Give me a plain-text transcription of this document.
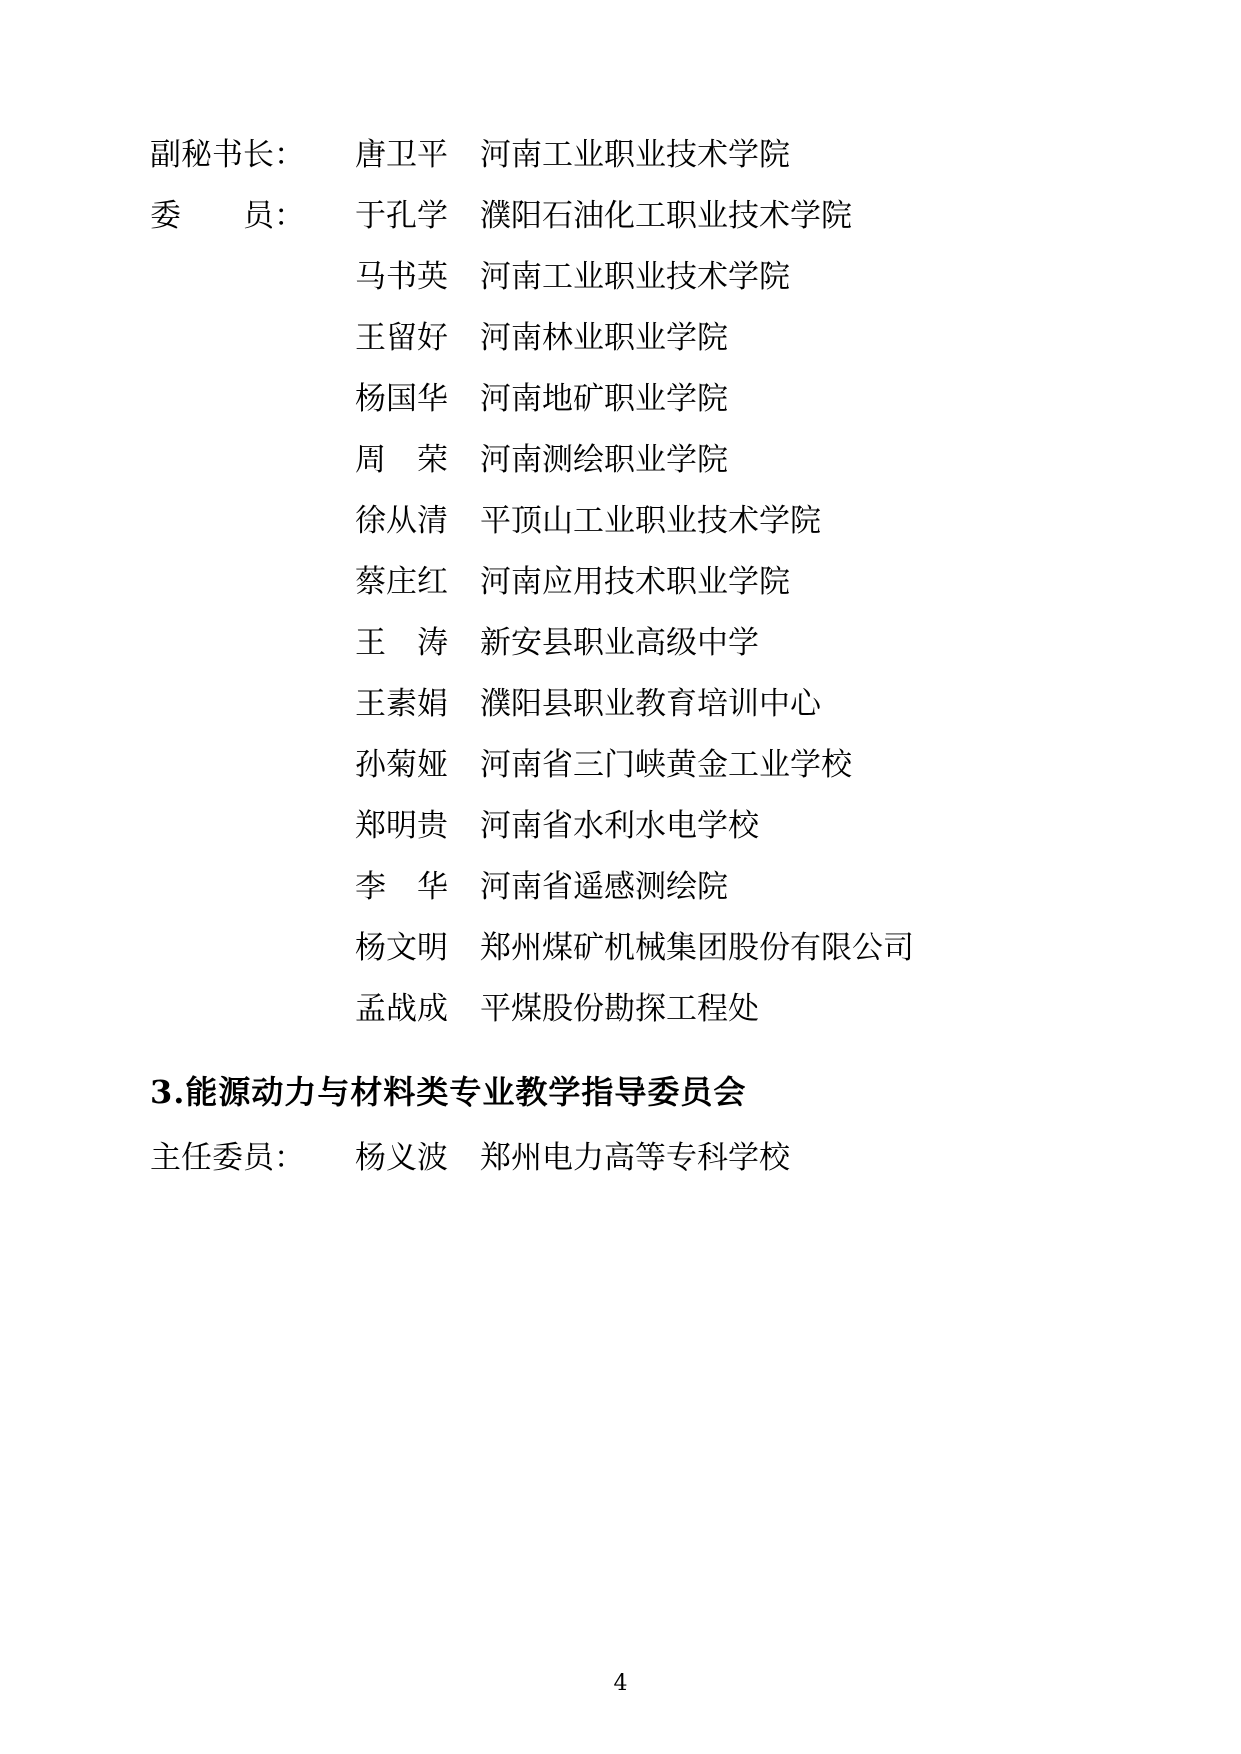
副秘书长：	唐卫平	河南工业职业技术学院
委　　员：	于孔学	濮阳石油化工职业技术学院
马书英	河南工业职业技术学院
王留好	河南林业职业学院
杨国华	河南地矿职业学院
周　荣	河南测绘职业学院
徐从清	平顶山工业职业技术学院
蔡庄红	河南应用技术职业学院
王　涛	新安县职业高级中学
王素娟	濮阳县职业教育培训中心
孙菊娅	河南省三门峡黄金工业学校
郑明贵	河南省水利水电学校
李　华	河南省遥感测绘院
杨文明	郑州煤矿机械集团股份有限公司
孟战成	平煤股份勘探工程处
3.能源动力与材料类专业教学指导委员会
主任委员：	杨义波	郑州电力高等专科学校
4
